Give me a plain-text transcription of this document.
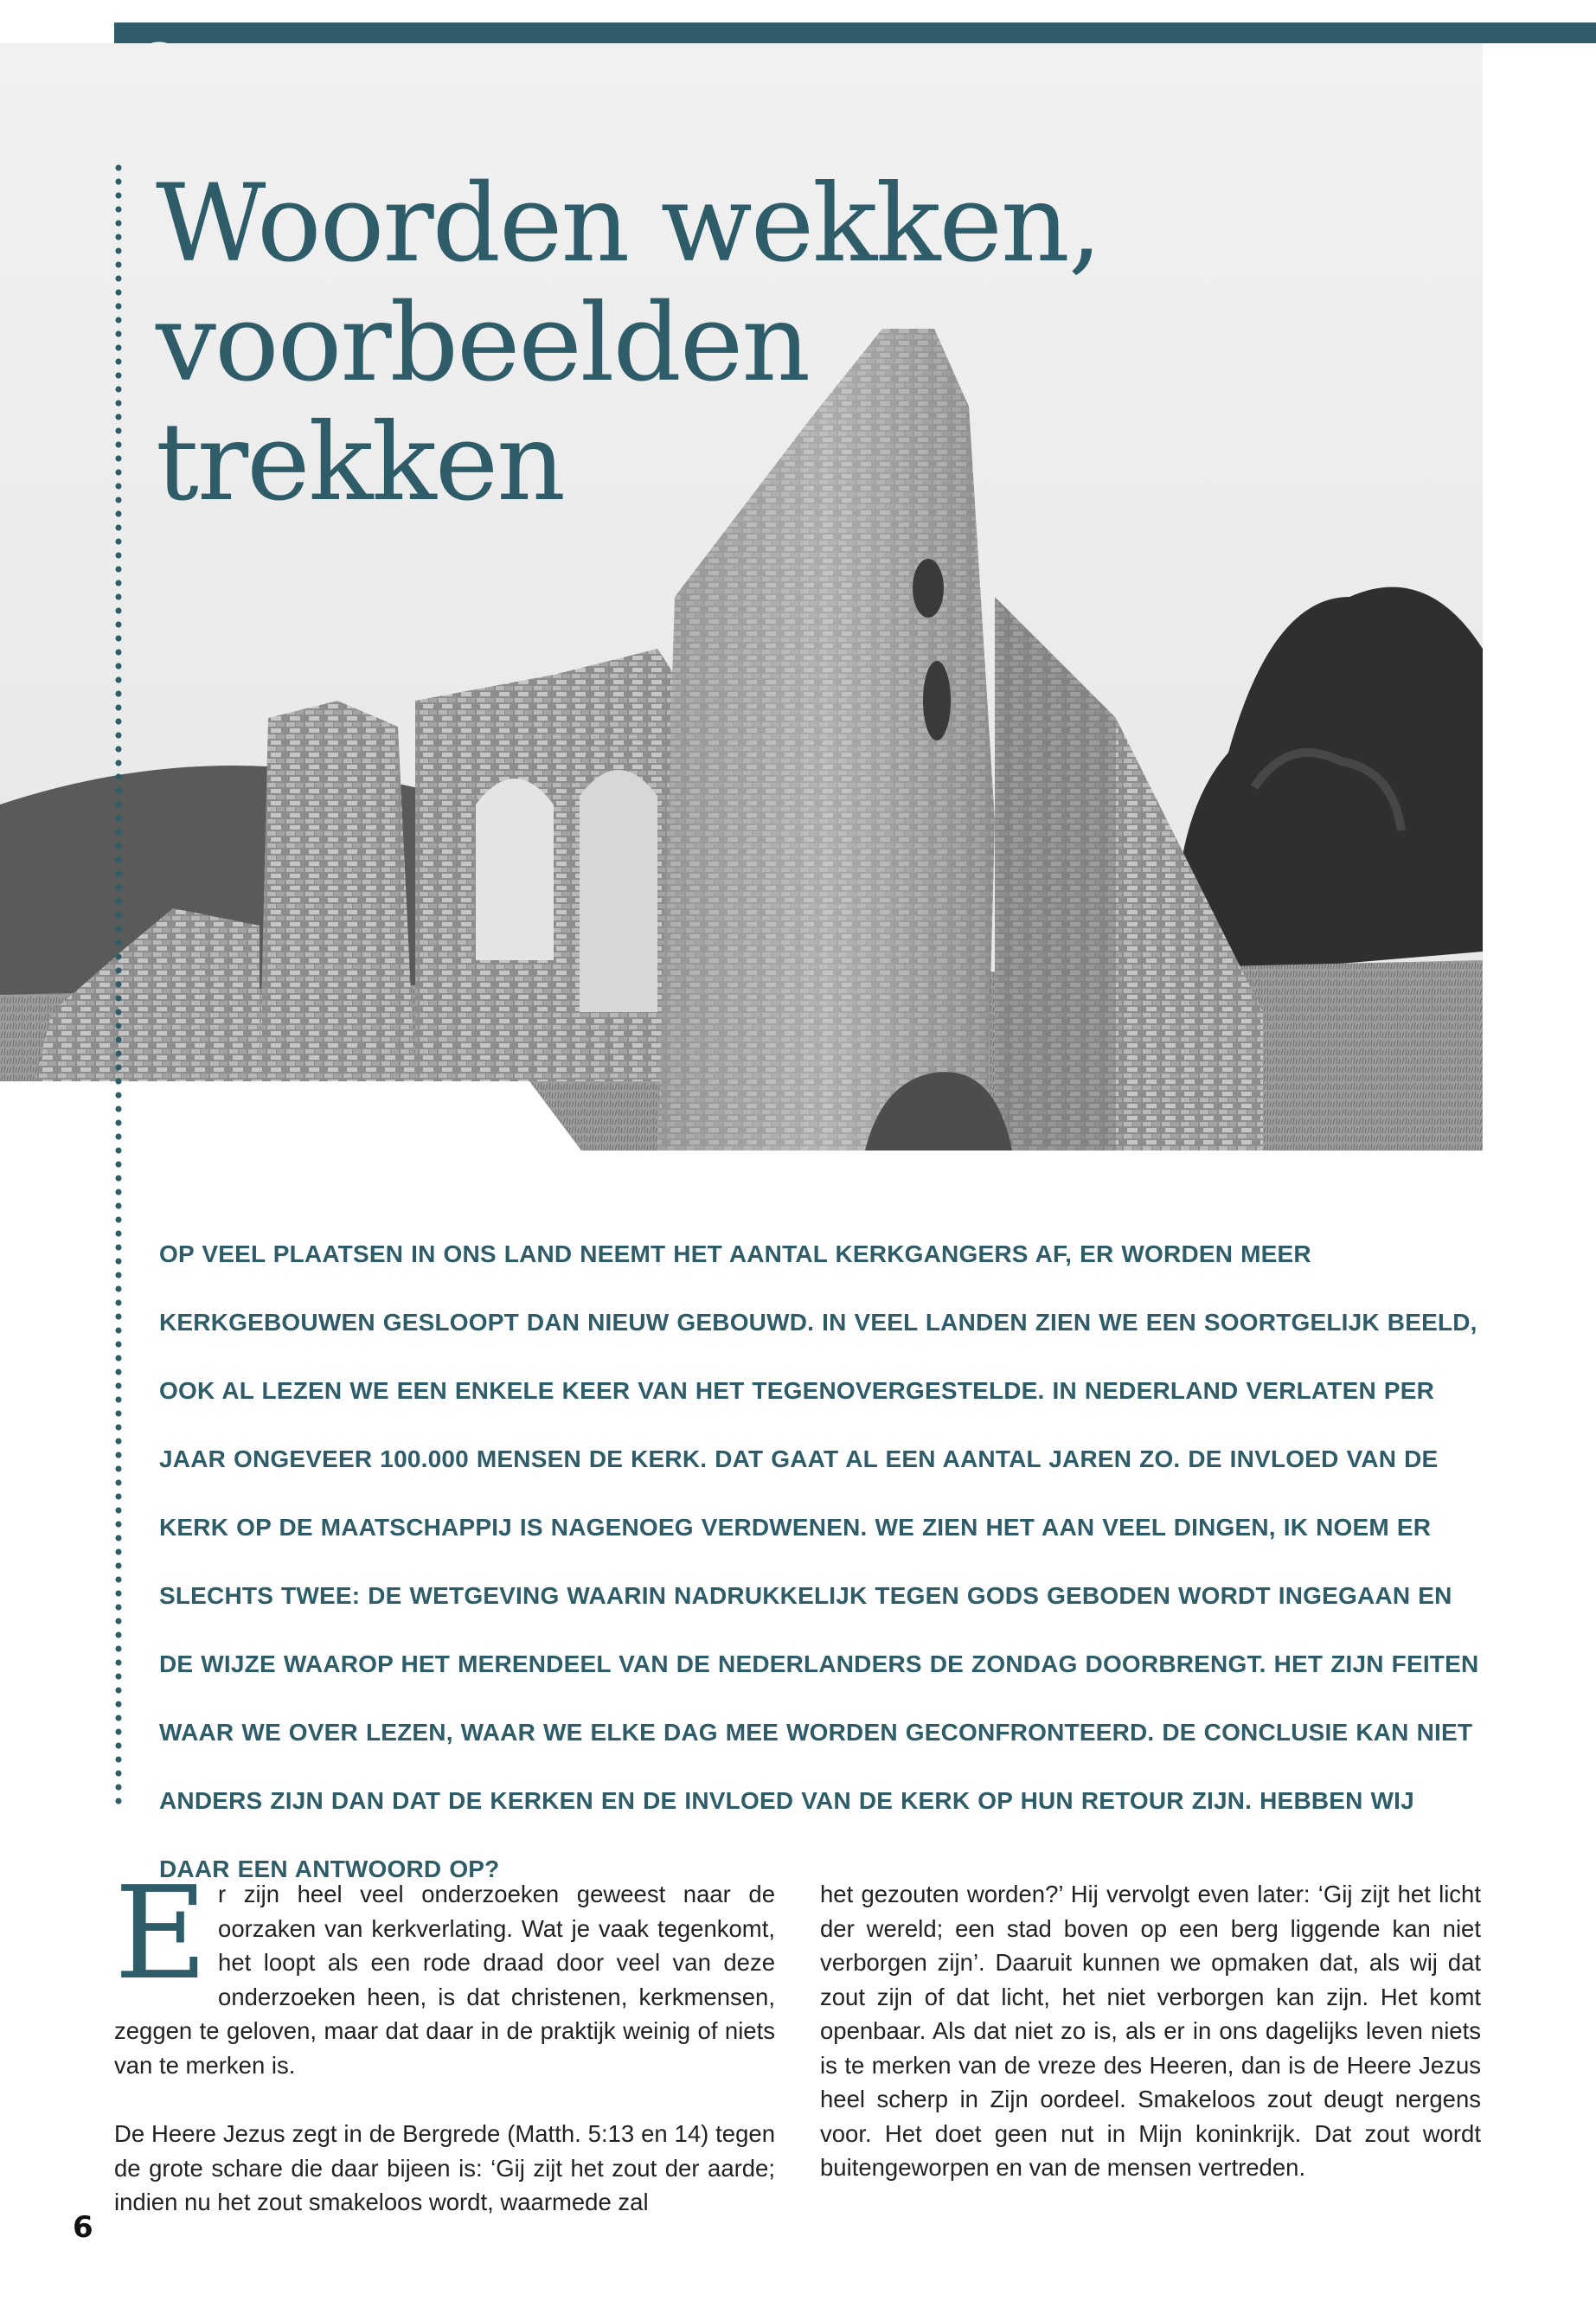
Woorden wekken,
voorbeelden
trekken
OP VEEL PLAATSEN IN ONS LAND NEEMT HET AANTAL KERKGANGERS AF, ER WORDEN MEER KERKGEBOUWEN GESLOOPT DAN NIEUW GEBOUWD. IN VEEL LANDEN ZIEN WE EEN SOORTGELIJK BEELD, OOK AL LEZEN WE EEN ENKELE KEER VAN HET TEGENOVERGESTELDE. IN NEDERLAND VERLATEN PER JAAR ONGEVEER 100.000 MENSEN DE KERK. DAT GAAT AL EEN AANTAL JAREN ZO. DE INVLOED VAN DE KERK OP DE MAATSCHAPPIJ IS NAGENOEG VERDWENEN. WE ZIEN HET AAN VEEL DINGEN, IK NOEM ER SLECHTS TWEE: DE WETGEVING WAARIN NADRUKKELIJK TEGEN GODS GEBODEN WORDT INGEGAAN EN DE WIJZE WAAROP HET MERENDEEL VAN DE NEDERLANDERS DE ZONDAG DOORBRENGT. HET ZIJN FEITEN WAAR WE OVER LEZEN, WAAR WE ELKE DAG MEE WORDEN GECONFRONTEERD. DE CONCLUSIE KAN NIET ANDERS ZIJN DAN DAT DE KERKEN EN DE INVLOED VAN DE KERK OP HUN RETOUR ZIJN. HEBBEN WIJ DAAR EEN ANTWOORD OP?

Er zijn heel veel onderzoeken geweest naar de oorzaken van kerkverlating. Wat je vaak tegenkomt, het loopt als een rode draad door veel van deze onderzoeken heen, is dat christenen, kerkmensen, zeggen te geloven, maar dat daar in de praktijk weinig of niets van te merken is.

De Heere Jezus zegt in de Bergrede (Matth. 5:13 en 14) tegen de grote schare die daar bijeen is: ‘Gij zijt het zout der aarde; indien nu het zout smakeloos wordt, waarmede zal

het gezouten worden?’ Hij vervolgt even later: ‘Gij zijt het licht der wereld; een stad boven op een berg liggende kan niet verborgen zijn’. Daaruit kunnen we opmaken dat, als wij dat zout zijn of dat licht, het niet verborgen kan zijn. Het komt openbaar. Als dat niet zo is, als er in ons dagelijks leven niets is te merken van de vreze des Heeren, dan is de Heere Jezus heel scherp in Zijn oordeel. Smakeloos zout deugt nergens voor. Het doet geen nut in Mijn koninkrijk. Dat zout wordt buitengeworpen en van de mensen vertreden.

6
